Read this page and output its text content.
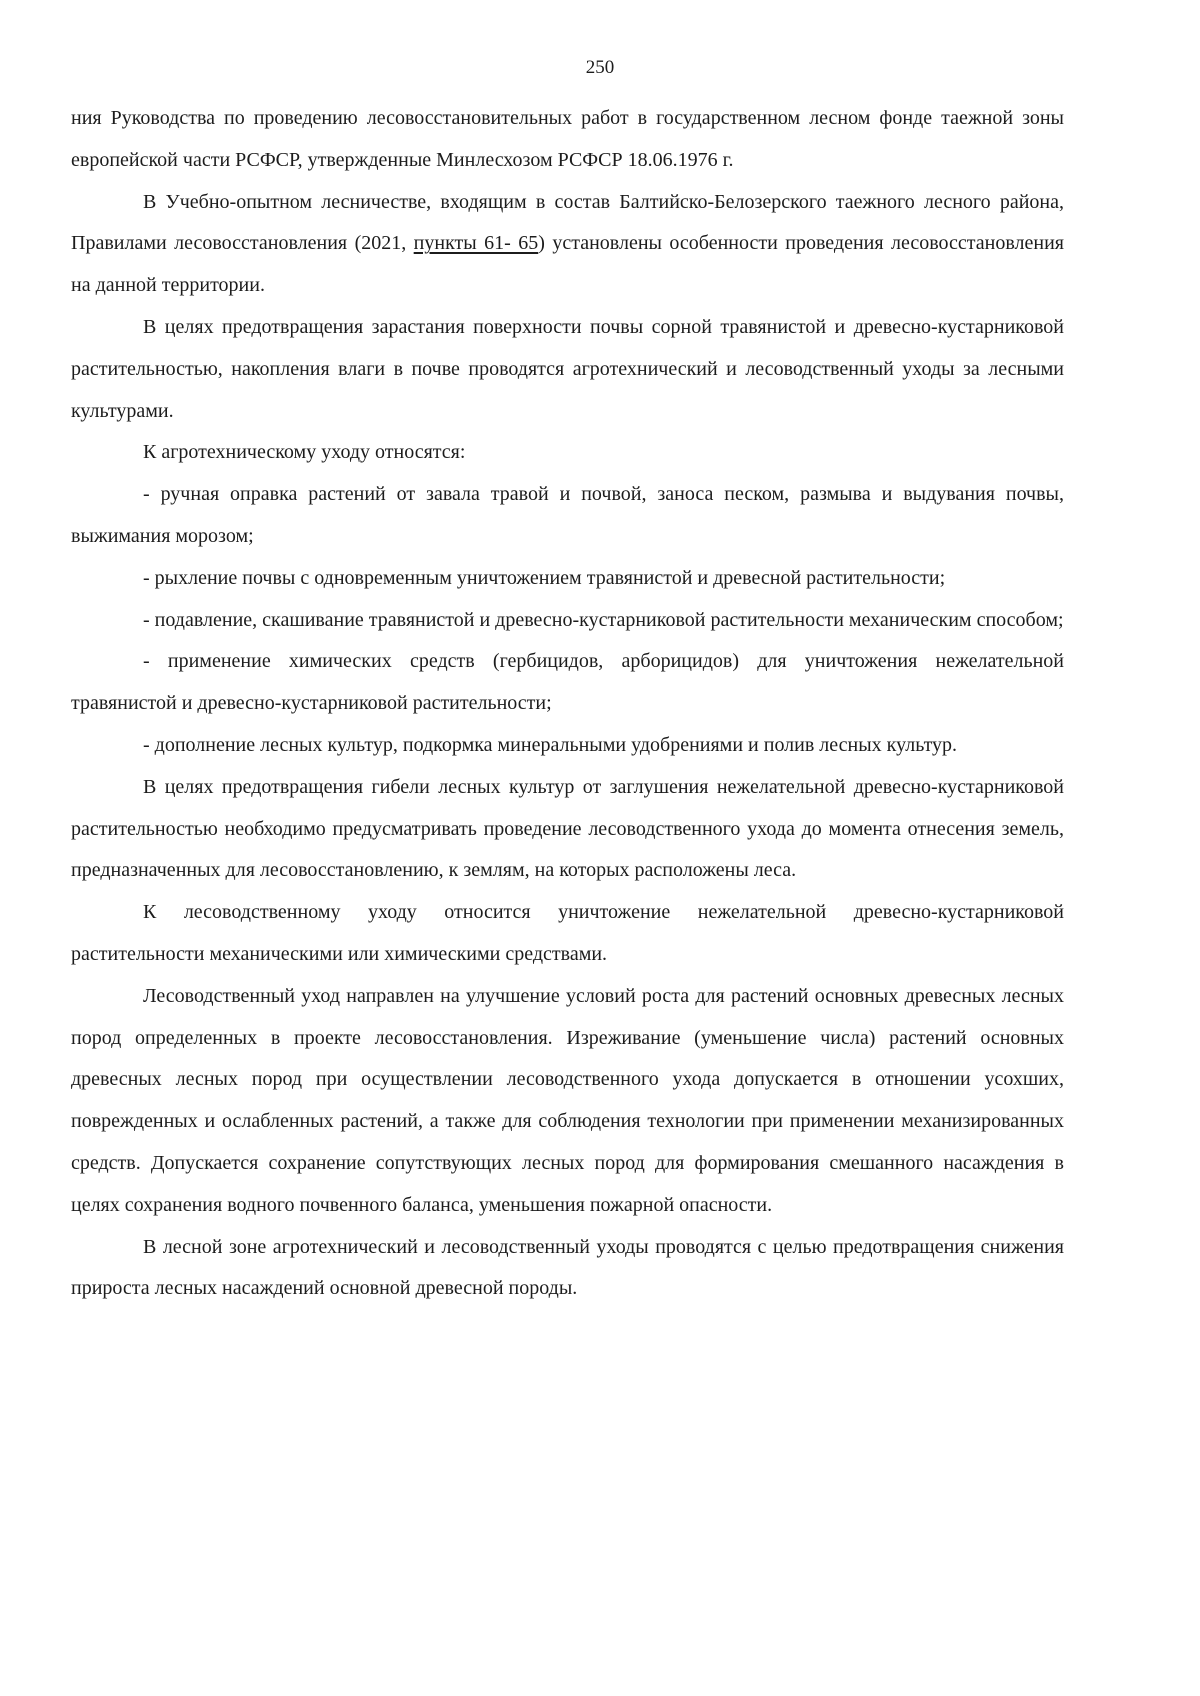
250

ния Руководства по проведению лесовосстановительных работ в государственном лесном фонде таежной зоны европейской части РСФСР, утвержденные Минлесхозом РСФСР 18.06.1976 г.

В Учебно-опытном лесничестве, входящим в состав Балтийско-Белозерского таежного лесного района, Правилами лесовосстановления (2021, пункты 61- 65) установлены особенности проведения лесовосстановления на данной территории.

В целях предотвращения зарастания поверхности почвы сорной травянистой и древесно-кустарниковой растительностью, накопления влаги в почве проводятся агротехнический и лесоводственный уходы за лесными культурами.

К агротехническому уходу относятся:

- ручная оправка растений от завала травой и почвой, заноса песком, размыва и выдувания почвы, выжимания морозом;

- рыхление почвы с одновременным уничтожением травянистой и древесной растительности;

- подавление, скашивание травянистой и древесно-кустарниковой растительности механическим способом;

- применение химических средств (гербицидов, арборицидов) для уничтожения нежелательной травянистой и древесно-кустарниковой растительности;

- дополнение лесных культур, подкормка минеральными удобрениями и полив лесных культур.

В целях предотвращения гибели лесных культур от заглушения нежелательной древесно-кустарниковой растительностью необходимо предусматривать проведение лесоводственного ухода до момента отнесения земель, предназначенных для лесовосстановлению, к землям, на которых расположены леса.

К лесоводственному уходу относится уничтожение нежелательной древесно-кустарниковой растительности механическими или химическими средствами.

Лесоводственный уход направлен на улучшение условий роста для растений основных древесных лесных пород определенных в проекте лесовосстановления. Изреживание (уменьшение числа) растений основных древесных лесных пород при осуществлении лесоводственного ухода допускается в отношении усохших, поврежденных и ослабленных растений, а также для соблюдения технологии при применении механизированных средств. Допускается сохранение сопутствующих лесных пород для формирования смешанного насаждения в целях сохранения водного почвенного баланса, уменьшения пожарной опасности.

В лесной зоне агротехнический и лесоводственный уходы проводятся с целью предотвращения снижения прироста лесных насаждений основной древесной породы.
